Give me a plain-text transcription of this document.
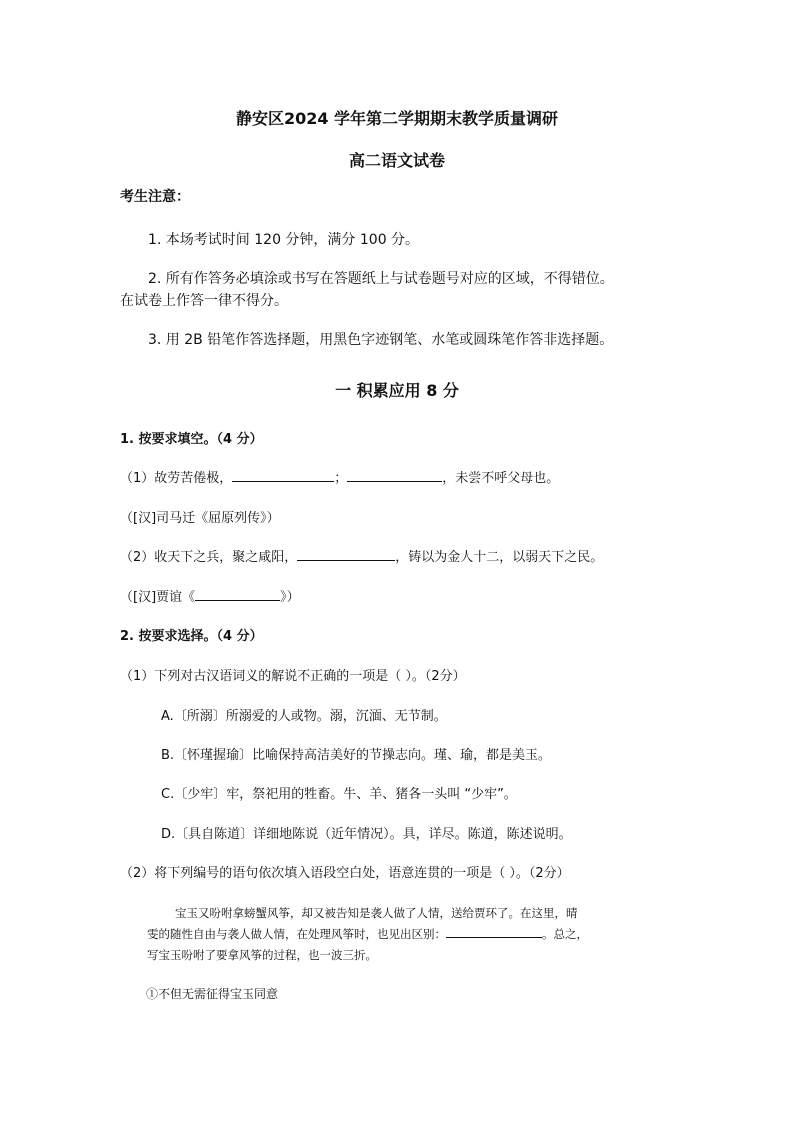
静安区2024 学年第二学期期末教学质量调研
高二语文试卷
考生注意：
1. 本场考试时间 120 分钟，满分 100 分。
2. 所有作答务必填涂或书写在答题纸上与试卷题号对应的区域，不得错位。
在试卷上作答一律不得分。
3. 用 2B 铅笔作答选择题，用黑色字迹钢笔、水笔或圆珠笔作答非选择题。
一 积累应用 8 分
1. 按要求填空。（4 分）
（1）故劳苦倦极，	；	，未尝不呼父母也。
（[汉]司马迁《屈原列传》）
（2）收天下之兵，聚之咸阳，	，铸以为金人十二，以弱天下之民。
（[汉]贾谊《	》）
2. 按要求选择。（4 分）
（1）下列对古汉语词义的解说不正确的一项是（ ）。（2分）
A.〔所溺〕所溺爱的人或物。溺，沉湎、无节制。
B.〔怀瑾握瑜〕比喻保持高洁美好的节操志向。瑾、瑜，都是美玉。
C.〔少牢〕牢，祭祀用的牲畜。牛、羊、猪各一头叫 “少牢”。
D.〔具自陈道〕详细地陈说（近年情况）。具，详尽。陈道，陈述说明。
（2）将下列编号的语句依次填入语段空白处，语意连贯的一项是（ ）。（2分）
宝玉又吩咐拿螃蟹风筝，却又被告知是袭人做了人情，送给贾环了。在这里，晴
雯的随性自由与袭人做人情，在处理风筝时，也见出区别：	。总之，
写宝玉吩咐了要拿风筝的过程，也一波三折。
①不但无需征得宝玉同意
